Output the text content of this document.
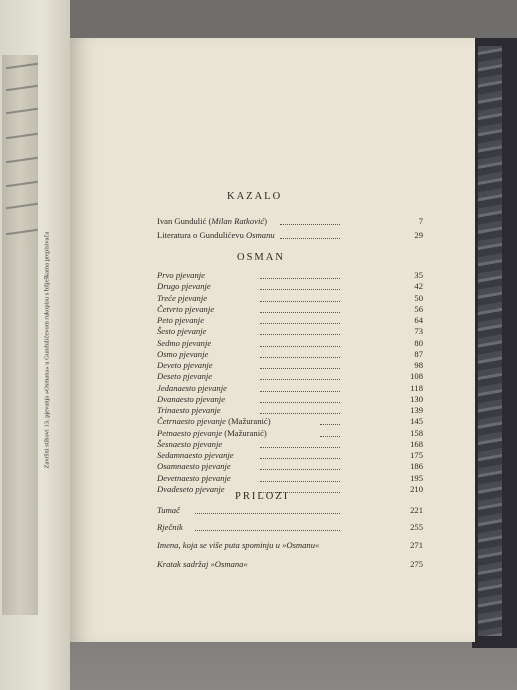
Završni stihovi 13. pjevanja »Osmana« u Gundulićevom rukopisu s bilješkama prepisivača
KAZALO
Ivan Gundulić (Milan Ratković)	7
Literatura o Gundulićevu Osmanu	29
OSMAN
Prvo pjevanje	35
Drugo pjevanje	42
Treće pjevanje	50
Četvrto pjevanje	56
Peto pjevanje	64
Šesto pjevanje	73
Sedmo pjevanje	80
Osmo pjevanje	87
Deveto pjevanje	98
Deseto pjevanje	108
Jedanaesto pjevanje	118
Dvanaesto pjevanje	130
Trinaesto pjevanje	139
Četrnaesto pjevanje (Mažuranić)	145
Petnaesto pjevanje (Mažuranić)	158
Šesnaesto pjevanje	168
Sedamnaesto pjevanje	175
Osamnaesto pjevanje	186
Devetnaesto pjevanje	195
Dvadeseto pjevanje	210
PRILOZI
Tumač	221
Rječnik	255
Imena, koja se više puta spominju u »Osmanu«	271
Kratak sadržaj »Osmana«	275
